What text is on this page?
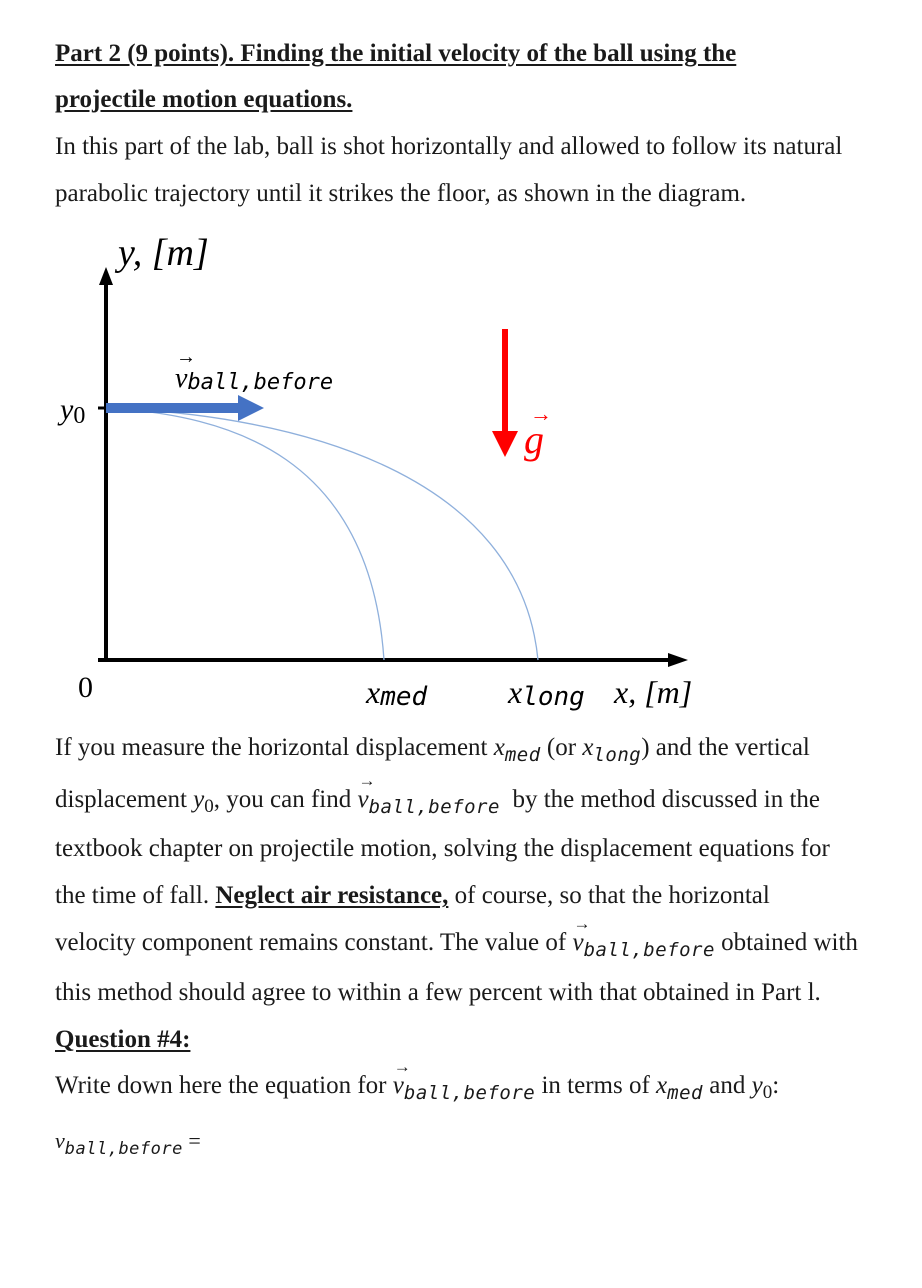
Part 2 (9 points). Finding the initial velocity of the ball using the
projectile motion equations.
In this part of the lab, ball is shot horizontally and allowed to follow its natural
parabolic trajectory until it strikes the floor, as shown in the diagram.
y, [m]
→
vball,before
y0	→
g
0	xmed	xlong x, [m]
If you measure the horizontal displacement $x_{med}$ (or $x_{long}$) and the vertical
displacement $y_0$, you can find → $v_{ball,before}$ by the method discussed in the
textbook chapter on projectile motion, solving the displacement equations for
the time of fall. Neglect air resistance, of course, so that the horizontal
velocity component remains constant. The value of → $v_{ball,before}$ obtained with
this method should agree to within a few percent with that obtained in Part l.
Question #4:
Write down here the equation for → $v_{ball,before}$ in terms of $x_{med}$ and $y_0$:
$v_{ball,before}$ =
